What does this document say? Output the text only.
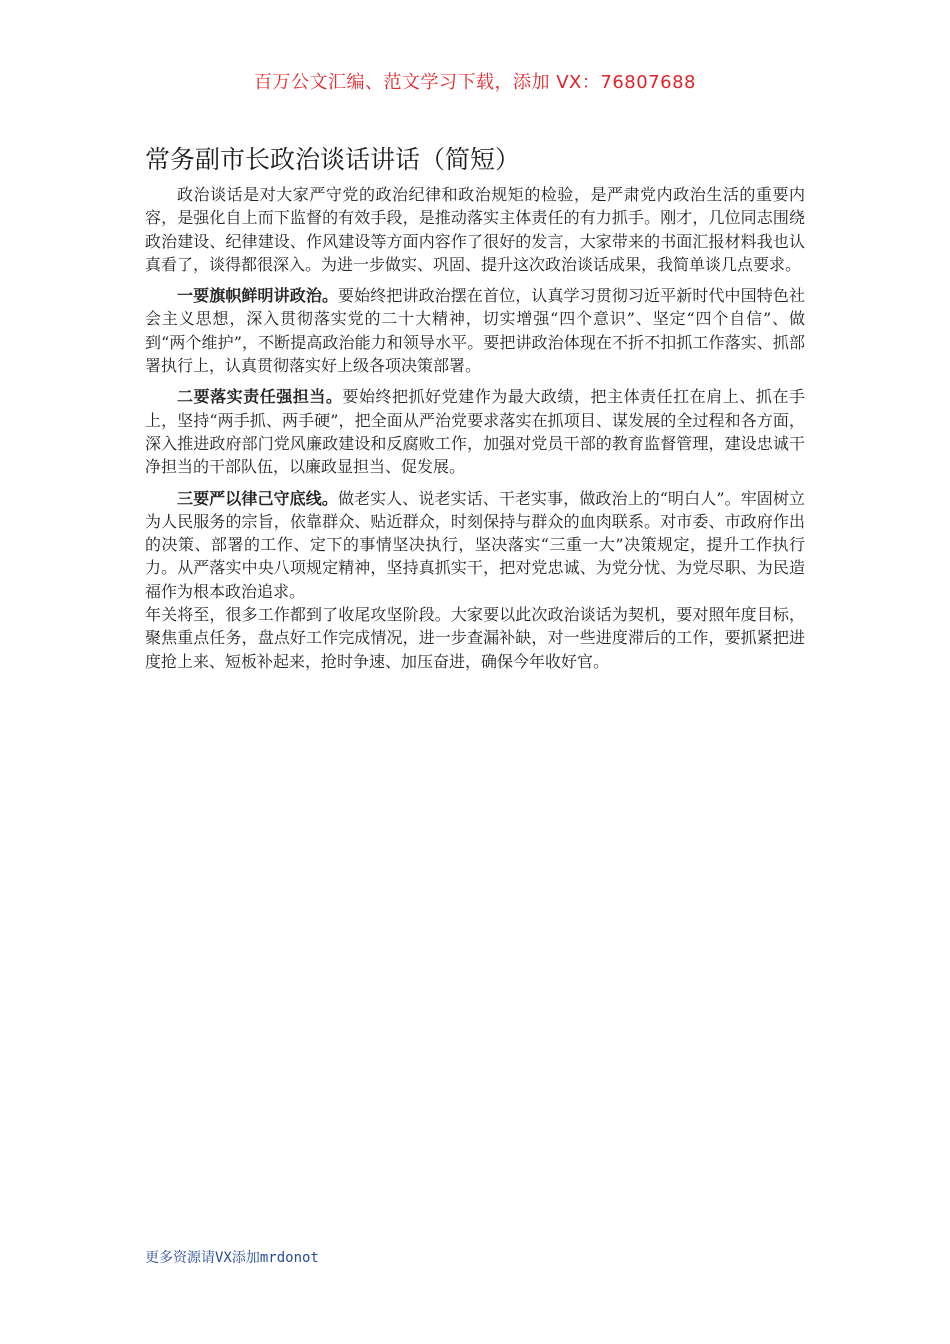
百万公文汇编、范文学习下载，添加 VX：76807688
常务副市长政治谈话讲话（简短）

政治谈话是对大家严守党的政治纪律和政治规矩的检验，是严肃党内政治生活的重要内容，是强化自上而下监督的有效手段，是推动落实主体责任的有力抓手。刚才，几位同志围绕政治建设、纪律建设、作风建设等方面内容作了很好的发言，大家带来的书面汇报材料我也认真看了，谈得都很深入。为进一步做实、巩固、提升这次政治谈话成果，我简单谈几点要求。

一要旗帜鲜明讲政治。要始终把讲政治摆在首位，认真学习贯彻习近平新时代中国特色社会主义思想，深入贯彻落实党的二十大精神，切实增强“四个意识”、坚定“四个自信”、做到“两个维护”，不断提高政治能力和领导水平。要把讲政治体现在不折不扣抓工作落实、抓部署执行上，认真贯彻落实好上级各项决策部署。

二要落实责任强担当。要始终把抓好党建作为最大政绩，把主体责任扛在肩上、抓在手上，坚持“两手抓、两手硬”，把全面从严治党要求落实在抓项目、谋发展的全过程和各方面，深入推进政府部门党风廉政建设和反腐败工作，加强对党员干部的教育监督管理，建设忠诚干净担当的干部队伍，以廉政显担当、促发展。

三要严以律己守底线。做老实人、说老实话、干老实事，做政治上的“明白人”。牢固树立为人民服务的宗旨，依靠群众、贴近群众，时刻保持与群众的血肉联系。对市委、市政府作出的决策、部署的工作、定下的事情坚决执行，坚决落实“三重一大”决策规定，提升工作执行力。从严落实中央八项规定精神，坚持真抓实干，把对党忠诚、为党分忧、为党尽职、为民造福作为根本政治追求。
年关将至，很多工作都到了收尾攻坚阶段。大家要以此次政治谈话为契机，要对照年度目标，聚焦重点任务，盘点好工作完成情况，进一步查漏补缺，对一些进度滞后的工作，要抓紧把进度抢上来、短板补起来，抢时争速、加压奋进，确保今年收好官。

更多资源请VX添加mrdonot
